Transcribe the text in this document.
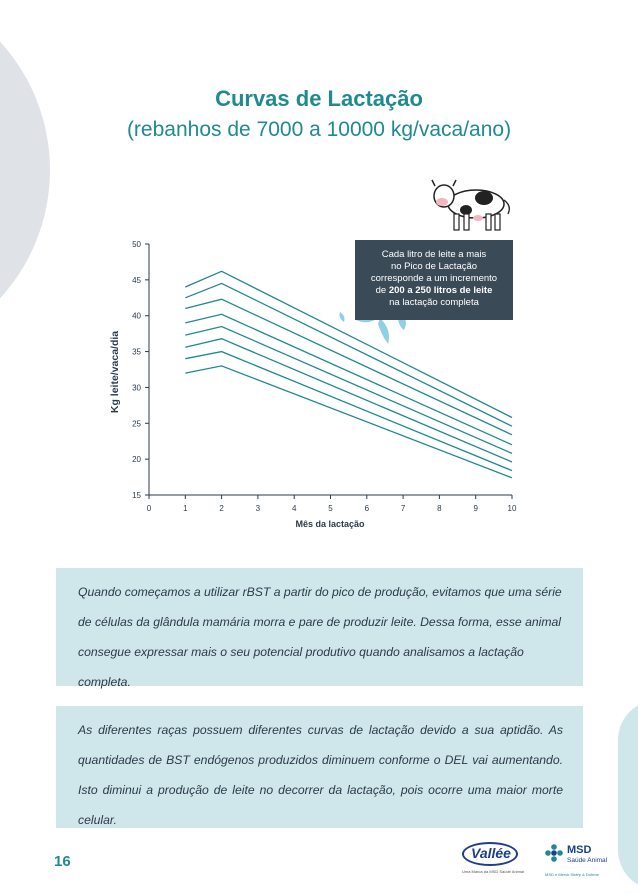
Curvas de Lactação
(rebanhos de 7000 a 10000 kg/vaca/ano)
15
20
25
30
35
40
45
50
0	1	2	3	4	5	6	7	8	9	10
Mês da lactação
Kg leite/vaca/dia
Cada litro de leite a mais
no Pico de Lactação
corresponde a um incremento
de 200 a 250 litros de leite
na lactação completa
Quando começamos a utilizar rBST a partir do pico de produção, evitamos que uma série de células da glândula mamária morra e pare de produzir leite. Dessa forma, esse animal consegue expressar mais o seu potencial produtivo quando analisamos a lactação completa.
As diferentes raças possuem diferentes curvas de lactação devido a sua aptidão. As quantidades de BST endógenos produzidos diminuem conforme o DEL vai aumentando. Isto diminui a produção de leite no decorrer da lactação, pois ocorre uma maior morte celular.
16	Vallée
Uma Marca da MSD Saúde Animal
MSD
Saúde Animal
MSD é Merck Sharp & Dohme
